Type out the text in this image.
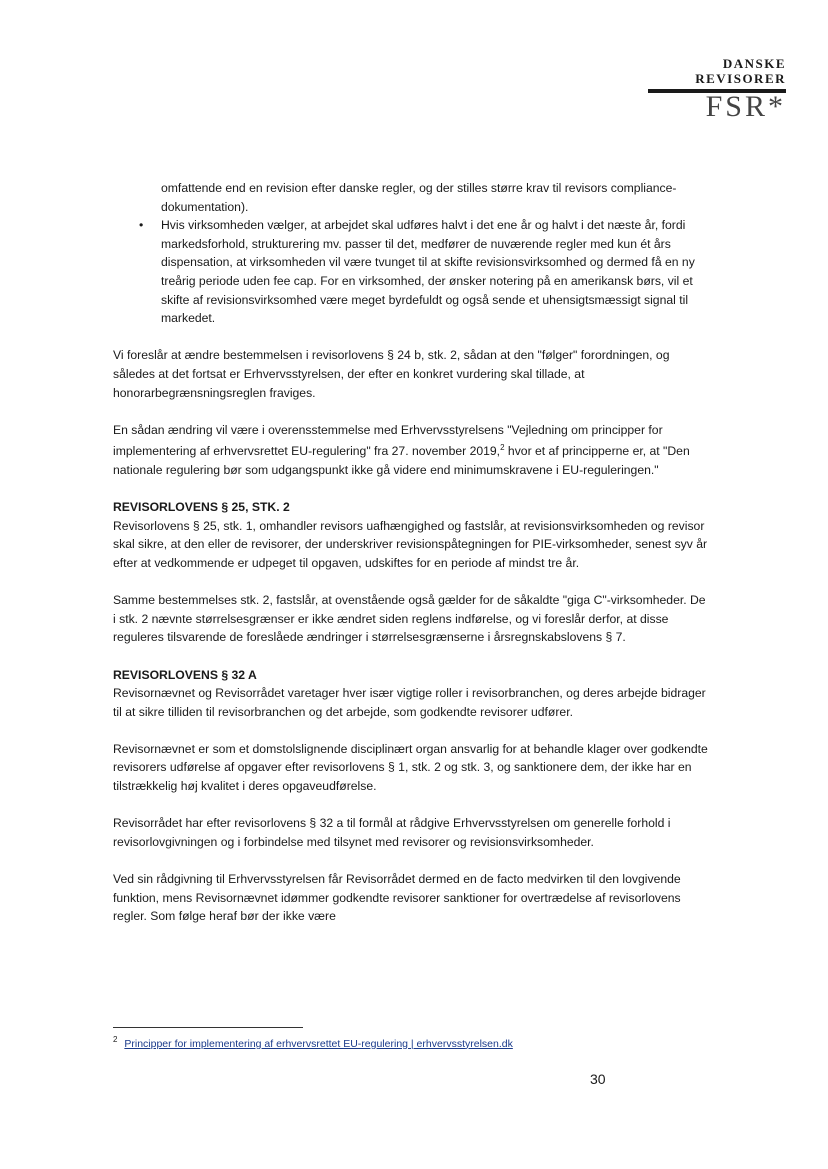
DANSKE
REVISORER
FSR*

omfattende end en revision efter danske regler, og der stilles større krav til revisors compliance-dokumentation).

• Hvis virksomheden vælger, at arbejdet skal udføres halvt i det ene år og halvt i det næste år, fordi markedsforhold, strukturering mv. passer til det, medfører de nuværende regler med kun ét års dispensation, at virksomheden vil være tvunget til at skifte revisionsvirksomhed og dermed få en ny treårig periode uden fee cap. For en virksomhed, der ønsker notering på en amerikansk børs, vil et skifte af revisionsvirksomhed være meget byrdefuldt og også sende et uhensigtsmæssigt signal til markedet.

Vi foreslår at ændre bestemmelsen i revisorlovens § 24 b, stk. 2, sådan at den "følger" forordningen, og således at det fortsat er Erhvervsstyrelsen, der efter en konkret vurdering skal tillade, at honorarbegrænsningsreglen fraviges.

En sådan ændring vil være i overensstemmelse med Erhvervsstyrelsens "Vejledning om principper for implementering af erhvervsrettet EU-regulering" fra 27. november 2019,$^2$ hvor et af principperne er, at "Den nationale regulering bør som udgangspunkt ikke gå videre end minimumskravene i EU-reguleringen."

REVISORLOVENS § 25, STK. 2

Revisorlovens § 25, stk. 1, omhandler revisors uafhængighed og fastslår, at revisionsvirksomheden og revisor skal sikre, at den eller de revisorer, der underskriver revisionspåtegningen for PIE-virksomheder, senest syv år efter at vedkommende er udpeget til opgaven, udskiftes for en periode af mindst tre år.

Samme bestemmelses stk. 2, fastslår, at ovenstående også gælder for de såkaldte "giga C"-virksomheder. De i stk. 2 nævnte størrelsesgrænser er ikke ændret siden reglens indførelse, og vi foreslår derfor, at disse reguleres tilsvarende de foreslåede ændringer i størrelsesgrænserne i årsregnskabslovens § 7.

REVISORLOVENS § 32 A

Revisornævnet og Revisorrådet varetager hver især vigtige roller i revisorbranchen, og deres arbejde bidrager til at sikre tilliden til revisorbranchen og det arbejde, som godkendte revisorer udfører.

Revisornævnet er som et domstolslignende disciplinært organ ansvarlig for at behandle klager over godkendte revisorers udførelse af opgaver efter revisorlovens § 1, stk. 2 og stk. 3, og sanktionere dem, der ikke har en tilstrækkelig høj kvalitet i deres opgaveudførelse.

Revisorrådet har efter revisorlovens § 32 a til formål at rådgive Erhvervsstyrelsen om generelle forhold i revisorlovgivningen og i forbindelse med tilsynet med revisorer og revisionsvirksomheder.

Ved sin rådgivning til Erhvervsstyrelsen får Revisorrådet dermed en de facto medvirken til den lovgivende funktion, mens Revisornævnet idømmer godkendte revisorer sanktioner for overtrædelse af revisorlovens regler. Som følge heraf bør der ikke være

$^2$ Principper for implementering af erhvervsrettet EU-regulering | erhvervsstyrelsen.dk
30
